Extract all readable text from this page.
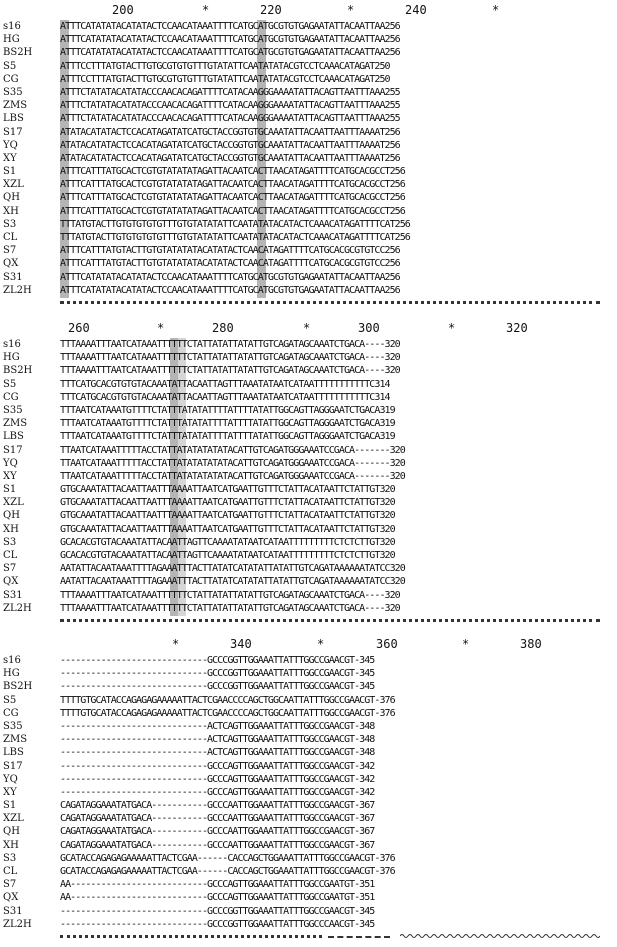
200	*	220	*	240	*
s16	ATTTCATATATACATATACTCCAACATAAATTTTCATGCATGCGTGTGAGAATATTACAATTAA256
HG	ATTTCATATATACATATACTCCAACATAAATTTTCATGCATGCGTGTGAGAATATTACAATTAA256
BS2H	ATTTCATATATACATATACTCCAACATAAATTTTCATGCATGCGTGTGAGAATATTACAATTAA256
S5	ATTTCCTTTATGTACTTGTGCGTGTGTTTGTATATTCAATATATACGTCCTCAAACATAGAT250
CG	ATTTCCTTTATGTACTTGTGCGTGTGTTTGTATATTCAATATATACGTCCTCAAACATAGAT250
S35	ATTTCTATATACATATACCCAACACAGATTTTCATACAAGGGAAAATATTACAGTTAATTTAAA255
ZMS	ATTTCTATATACATATACCCAACACAGATTTTCATACAAGGGAAAATATTACAGTTAATTTAAA255
LBS	ATTTCTATATACATATACCCAACACAGATTTTCATACAAGGGAAAATATTACAGTTAATTTAAA255
S17	ATATACATATACTCCACATAGATATCATGCTACCGGTGTGCAAATATTACAATTAATTTAAAAT256
YQ	ATATACATATACTCCACATAGATATCATGCTACCGGTGTGCAAATATTACAATTAATTTAAAAT256
XY	ATATACATATACTCCACATAGATATCATGCTACCGGTGTGCAAATATTACAATTAATTTAAAAT256
S1	ATTTCATTTATGCACTCGTGTATATATAGATTACAATCACTTAACATAGATTTTCATGCACGCCT256
XZL	ATTTCATTTATGCACTCGTGTATATATAGATTACAATCACTTAACATAGATTTTCATGCACGCCT256
QH	ATTTCATTTATGCACTCGTGTATATATAGATTACAATCACTTAACATAGATTTTCATGCACGCCT256
XH	ATTTCATTTATGCACTCGTGTATATATAGATTACAATCACTTAACATAGATTTTCATGCACGCCT256
S3	TTTATGTACTTGTGTGTGTGTTTGTGTATATATTCAATATATACATACTCAAACATAGATTTTCAT256
CL	TTTATGTACTTGTGTGTGTGTTTGTGTATATATTCAATATATACATACTCAAACATAGATTTTCAT256
S7	ATTTCATTTATGTACTTGTGTATATATACATATACTCAACATAGATTTTCATGCACGCGTGTCC256
QX	ATTTCATTTATGTACTTGTGTATATATACATATACTCAACATAGATTTTCATGCACGCGTGTCC256
S31	ATTTCATATATACATATACTCCAACATAAATTTTCATGCATGCGTGTGAGAATATTACAATTAA256
ZL2H	ATTTCATATATACATATACTCCAACATAAATTTTCATGCATGCGTGTGAGAATATTACAATTAA256
260	*	280	*	300	*	320
s16	TTTAAAATTTAATCATAAATTTTTTCTATTATATTATATTGTCAGATAGCAAATCTGACA----320
HG	TTTAAAATTTAATCATAAATTTTTTCTATTATATTATATTGTCAGATAGCAAATCTGACA----320
BS2H	TTTAAAATTTAATCATAAATTTTTTCTATTATATTATATTGTCAGATAGCAAATCTGACA----320
S5	TTTCATGCACGTGTGTACAAATATTACAATTAGTTTAAATATAATCATAATTTTTTTTTTTC314
CG	TTTCATGCACGTGTGTACAAATATTACAATTAGTTTAAATATAATCATAATTTTTTTTTTTC314
S35	TTTAATCATAAATGTTTTCTATTTATATATTTTATTTTATATTGGCAGTTAGGGAATCTGACA319
ZMS	TTTAATCATAAATGTTTTCTATTTATATATTTTATTTTATATTGGCAGTTAGGGAATCTGACA319
LBS	TTTAATCATAAATGTTTTCTATTTATATATTTTATTTTATATTGGCAGTTAGGGAATCTGACA319
S17	TTAATCATAAATTTTTACCTATTATATATATATACATTGTCAGATGGGAAATCCGACA-------320
YQ	TTAATCATAAATTTTTACCTATTATATATATATACATTGTCAGATGGGAAATCCGACA-------320
XY	TTAATCATAAATTTTTACCTATTATATATATATACATTGTCAGATGGGAAATCCGACA-------320
S1	GTGCAAATATTACAATTAATTTAAAATTAATCATGAATTGTTTCTATTACATAATTCTATTGT320
XZL	GTGCAAATATTACAATTAATTTAAAATTAATCATGAATTGTTTCTATTACATAATTCTATTGT320
QH	GTGCAAATATTACAATTAATTTAAAATTAATCATGAATTGTTTCTATTACATAATTCTATTGT320
XH	GTGCAAATATTACAATTAATTTAAAATTAATCATGAATTGTTTCTATTACATAATTCTATTGT320
S3	GCACACGTGTACAAATATTACAATTAGTTCAAAATATAATCATAATTTTTTTTTCTCTCTTGT320
CL	GCACACGTGTACAAATATTACAATTAGTTCAAAATATAATCATAATTTTTTTTTCTCTCTTGT320
S7	AATATTACAATAAATTTTAGAAATTTACTTATATCATATATTATATTGTCAGATAAAAAATATCC320
QX	AATATTACAATAAATTTTAGAAATTTACTTATATCATATATTATATTGTCAGATAAAAAATATCC320
S31	TTTAAAATTTAATCATAAATTTTTTCTATTATATTATATTGTCAGATAGCAAATCTGACA----320
ZL2H	TTTAAAATTTAATCATAAATTTTTTCTATTATATTATATTGTCAGATAGCAAATCTGACA----320
*	340	*	360	*	380
s16	-----------------------------GCCCGGTTGGAAATTATTTGGCCGAACGT-345
HG	-----------------------------GCCCGGTTGGAAATTATTTGGCCGAACGT-345
BS2H	-----------------------------GCCCGGTTGGAAATTATTTGGCCGAACGT-345
S5	TTTTGTGCATACCAGAGAGAAAAATTACTCGAACCCCAGCTGGCAATTATTTGGCCGAACGT-376
CG	TTTTGTGCATACCAGAGAGAAAAATTACTCGAACCCCAGCTGGCAATTATTTGGCCGAACGT-376
S35	-----------------------------ACTCAGTTGGAAATTATTTGGCCGAACGT-348
ZMS	-----------------------------ACTCAGTTGGAAATTATTTGGCCGAACGT-348
LBS	-----------------------------ACTCAGTTGGAAATTATTTGGCCGAACGT-348
S17	-----------------------------GCCCAGTTGGAAATTATTTGGCCGAACGT-342
YQ	-----------------------------GCCCAGTTGGAAATTATTTGGCCGAACGT-342
XY	-----------------------------GCCCAGTTGGAAATTATTTGGCCGAACGT-342
S1	CAGATAGGAAATATGACA-----------GCCCAATTGGAAATTATTTGGCCGAACGT-367
XZL	CAGATAGGAAATATGACA-----------GCCCAATTGGAAATTATTTGGCCGAACGT-367
QH	CAGATAGGAAATATGACA-----------GCCCAATTGGAAATTATTTGGCCGAACGT-367
XH	CAGATAGGAAATATGACA-----------GCCCAATTGGAAATTATTTGGCCGAACGT-367
S3	GCATACCAGAGAGAAAAATTACTCGAA------CACCAGCTGGAAATTATTTGGCCGAACGT-376
CL	GCATACCAGAGAGAAAAATTACTCGAA------CACCAGCTGGAAATTATTTGGCCGAACGT-376
S7	AA---------------------------GCCCAGTTGGAAATTATTTGGCCGAATGT-351
QX	AA---------------------------GCCCAGTTGGAAATTATTTGGCCGAATGT-351
S31	-----------------------------GCCCGGTTGGAAATTATTTGGCCGAACGT-345
ZL2H	-----------------------------GCCCGGTTGGAAATTATTTGGCCCAACGT-345
